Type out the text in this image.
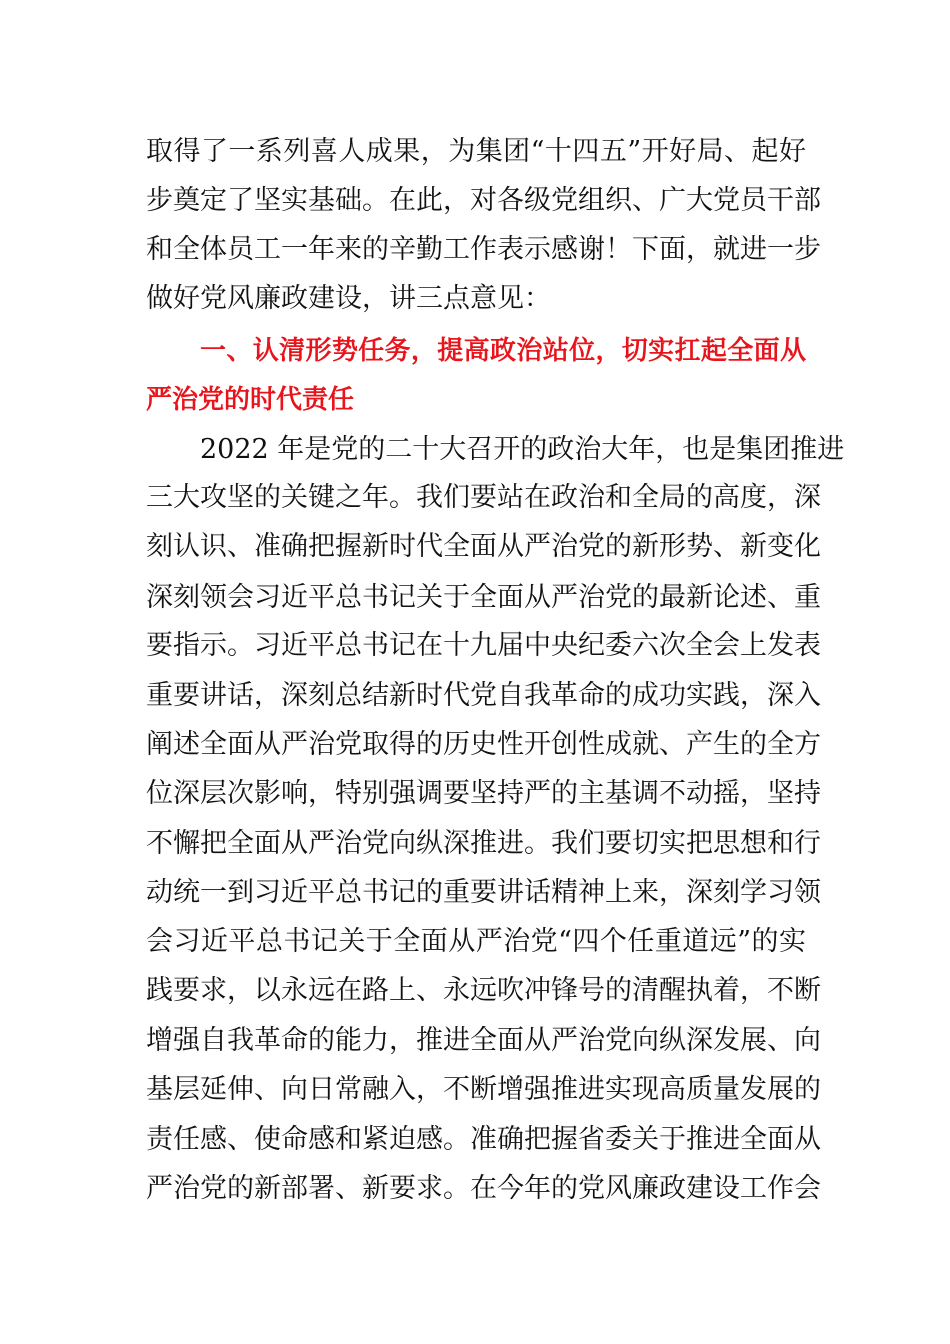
取得了一系列喜人成果，为集团“十四五”开好局、起好
步奠定了坚实基础。在此，对各级党组织、广大党员干部
和全体员工一年来的辛勤工作表示感谢！下面，就进一步
做好党风廉政建设，讲三点意见：
一、认清形势任务，提高政治站位，切实扛起全面从
严治党的时代责任
2022 年是党的二十大召开的政治大年，也是集团推进
三大攻坚的关键之年。我们要站在政治和全局的高度，深
刻认识、准确把握新时代全面从严治党的新形势、新变化
深刻领会习近平总书记关于全面从严治党的最新论述、重
要指示。习近平总书记在十九届中央纪委六次全会上发表
重要讲话，深刻总结新时代党自我革命的成功实践，深入
阐述全面从严治党取得的历史性开创性成就、产生的全方
位深层次影响，特别强调要坚持严的主基调不动摇，坚持
不懈把全面从严治党向纵深推进。我们要切实把思想和行
动统一到习近平总书记的重要讲话精神上来，深刻学习领
会习近平总书记关于全面从严治党“四个任重道远”的实
践要求，以永远在路上、永远吹冲锋号的清醒执着，不断
增强自我革命的能力，推进全面从严治党向纵深发展、向
基层延伸、向日常融入，不断增强推进实现高质量发展的
责任感、使命感和紧迫感。准确把握省委关于推进全面从
严治党的新部署、新要求。在今年的党风廉政建设工作会
